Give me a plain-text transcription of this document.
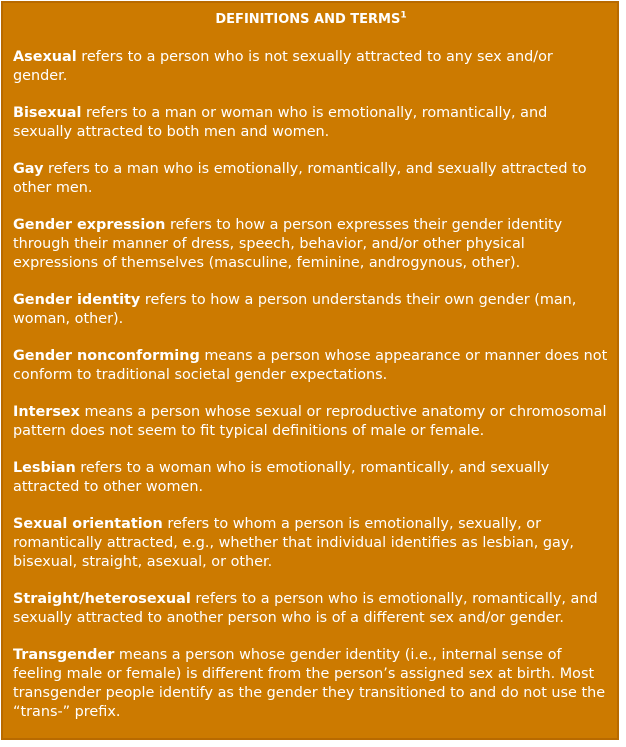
DEFINITIONS AND TERMS$^1$

Asexual refers to a person who is not sexually attracted to any sex and/or gender.

Bisexual refers to a man or woman who is emotionally, romantically, and sexually attracted to both men and women.

Gay refers to a man who is emotionally, romantically, and sexually attracted to other men.

Gender expression refers to how a person expresses their gender identity through their manner of dress, speech, behavior, and/or other physical expressions of themselves (masculine, feminine, androgynous, other).

Gender identity refers to how a person understands their own gender (man, woman, other).

Gender nonconforming means a person whose appearance or manner does not conform to traditional societal gender expectations.

Intersex means a person whose sexual or reproductive anatomy or chromosomal pattern does not seem to fit typical definitions of male or female.

Lesbian refers to a woman who is emotionally, romantically, and sexually attracted to other women.

Sexual orientation refers to whom a person is emotionally, sexually, or romantically attracted, e.g., whether that individual identifies as lesbian, gay, bisexual, straight, asexual, or other.

Straight/heterosexual refers to a person who is emotionally, romantically, and sexually attracted to another person who is of a different sex and/or gender.

Transgender means a person whose gender identity (i.e., internal sense of feeling male or female) is different from the person’s assigned sex at birth. Most transgender people identify as the gender they transitioned to and do not use the “trans-” prefix.
